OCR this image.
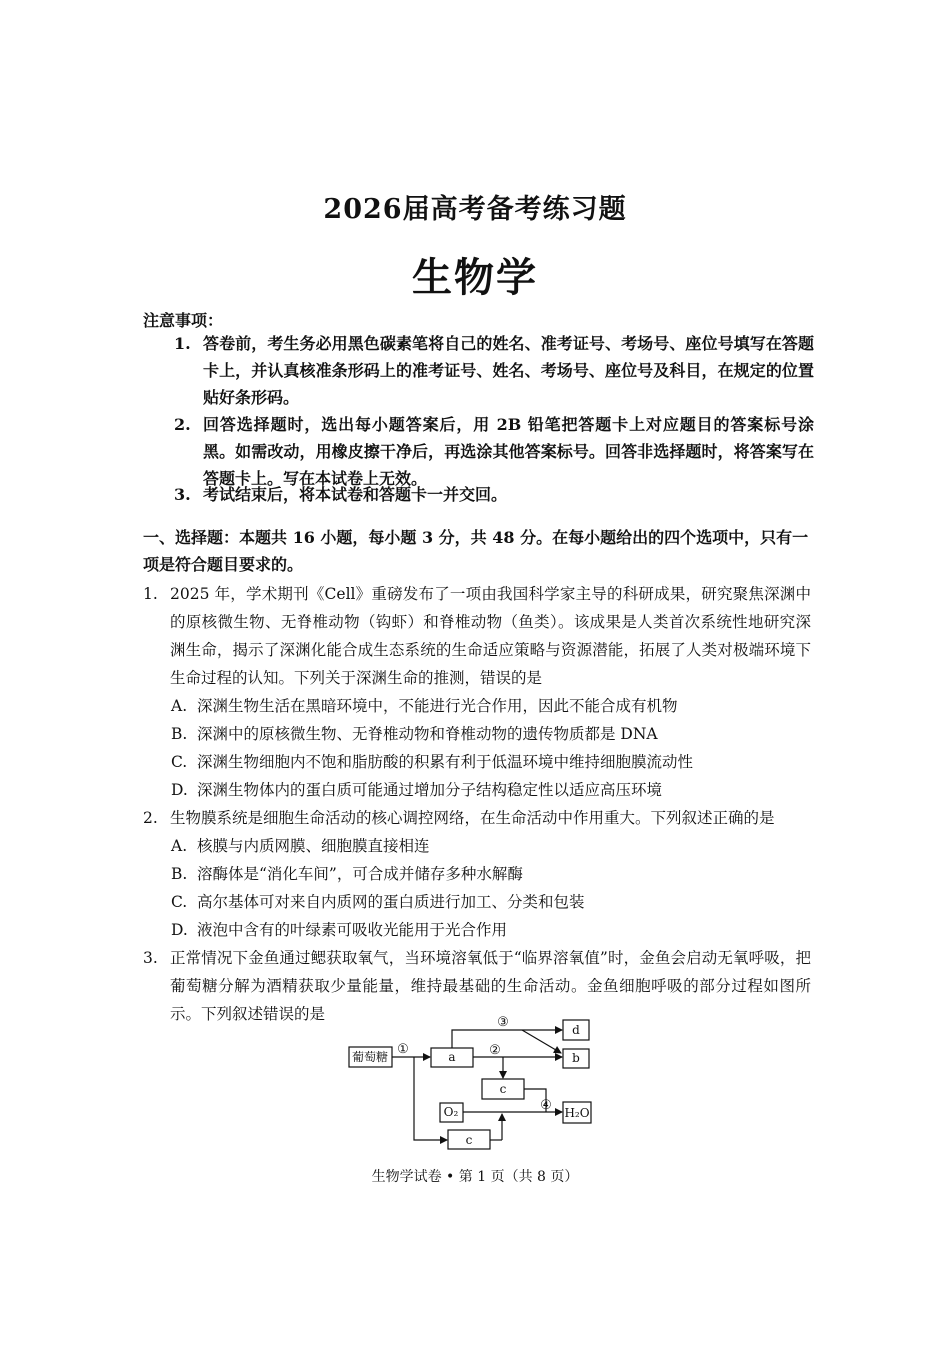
2026届高考备考练习题
生物学
注意事项：
1. 答卷前，考生务必用黑色碳素笔将自己的姓名、准考证号、考场号、座位号填写在答题卡上，并认真核准条形码上的准考证号、姓名、考场号、座位号及科目，在规定的位置贴好条形码。
2. 回答选择题时，选出每小题答案后，用 2B 铅笔把答题卡上对应题目的答案标号涂黑。如需改动，用橡皮擦干净后，再选涂其他答案标号。回答非选择题时，将答案写在答题卡上。写在本试卷上无效。
3. 考试结束后，将本试卷和答题卡一并交回。
一、选择题：本题共 16 小题，每小题 3 分，共 48 分。在每小题给出的四个选项中，只有一项是符合题目要求的。
1. 2025 年，学术期刊《Cell》重磅发布了一项由我国科学家主导的科研成果，研究聚焦深渊中的原核微生物、无脊椎动物（钩虾）和脊椎动物（鱼类）。该成果是人类首次系统性地研究深渊生命，揭示了深渊化能合成生态系统的生命适应策略与资源潜能，拓展了人类对极端环境下生命过程的认知。下列关于深渊生命的推测，错误的是
A. 深渊生物生活在黑暗环境中，不能进行光合作用，因此不能合成有机物
B. 深渊中的原核微生物、无脊椎动物和脊椎动物的遗传物质都是 DNA
C. 深渊生物细胞内不饱和脂肪酸的积累有利于低温环境中维持细胞膜流动性
D. 深渊生物体内的蛋白质可能通过增加分子结构稳定性以适应高压环境
2. 生物膜系统是细胞生命活动的核心调控网络，在生命活动中作用重大。下列叙述正确的是
A. 核膜与内质网膜、细胞膜直接相连
B. 溶酶体是“消化车间”，可合成并储存多种水解酶
C. 高尔基体可对来自内质网的蛋白质进行加工、分类和包装
D. 液泡中含有的叶绿素可吸收光能用于光合作用
3. 正常情况下金鱼通过鳃获取氧气，当环境溶氧低于“临界溶氧值”时，金鱼会启动无氧呼吸，把葡萄糖分解为酒精获取少量能量，维持最基础的生命活动。金鱼细胞呼吸的部分过程如图所示。下列叙述错误的是
葡萄糖	a
d
b
c
O₂	H₂O
c
①	②
③
④
生物学试卷 • 第 1 页（共 8 页）
